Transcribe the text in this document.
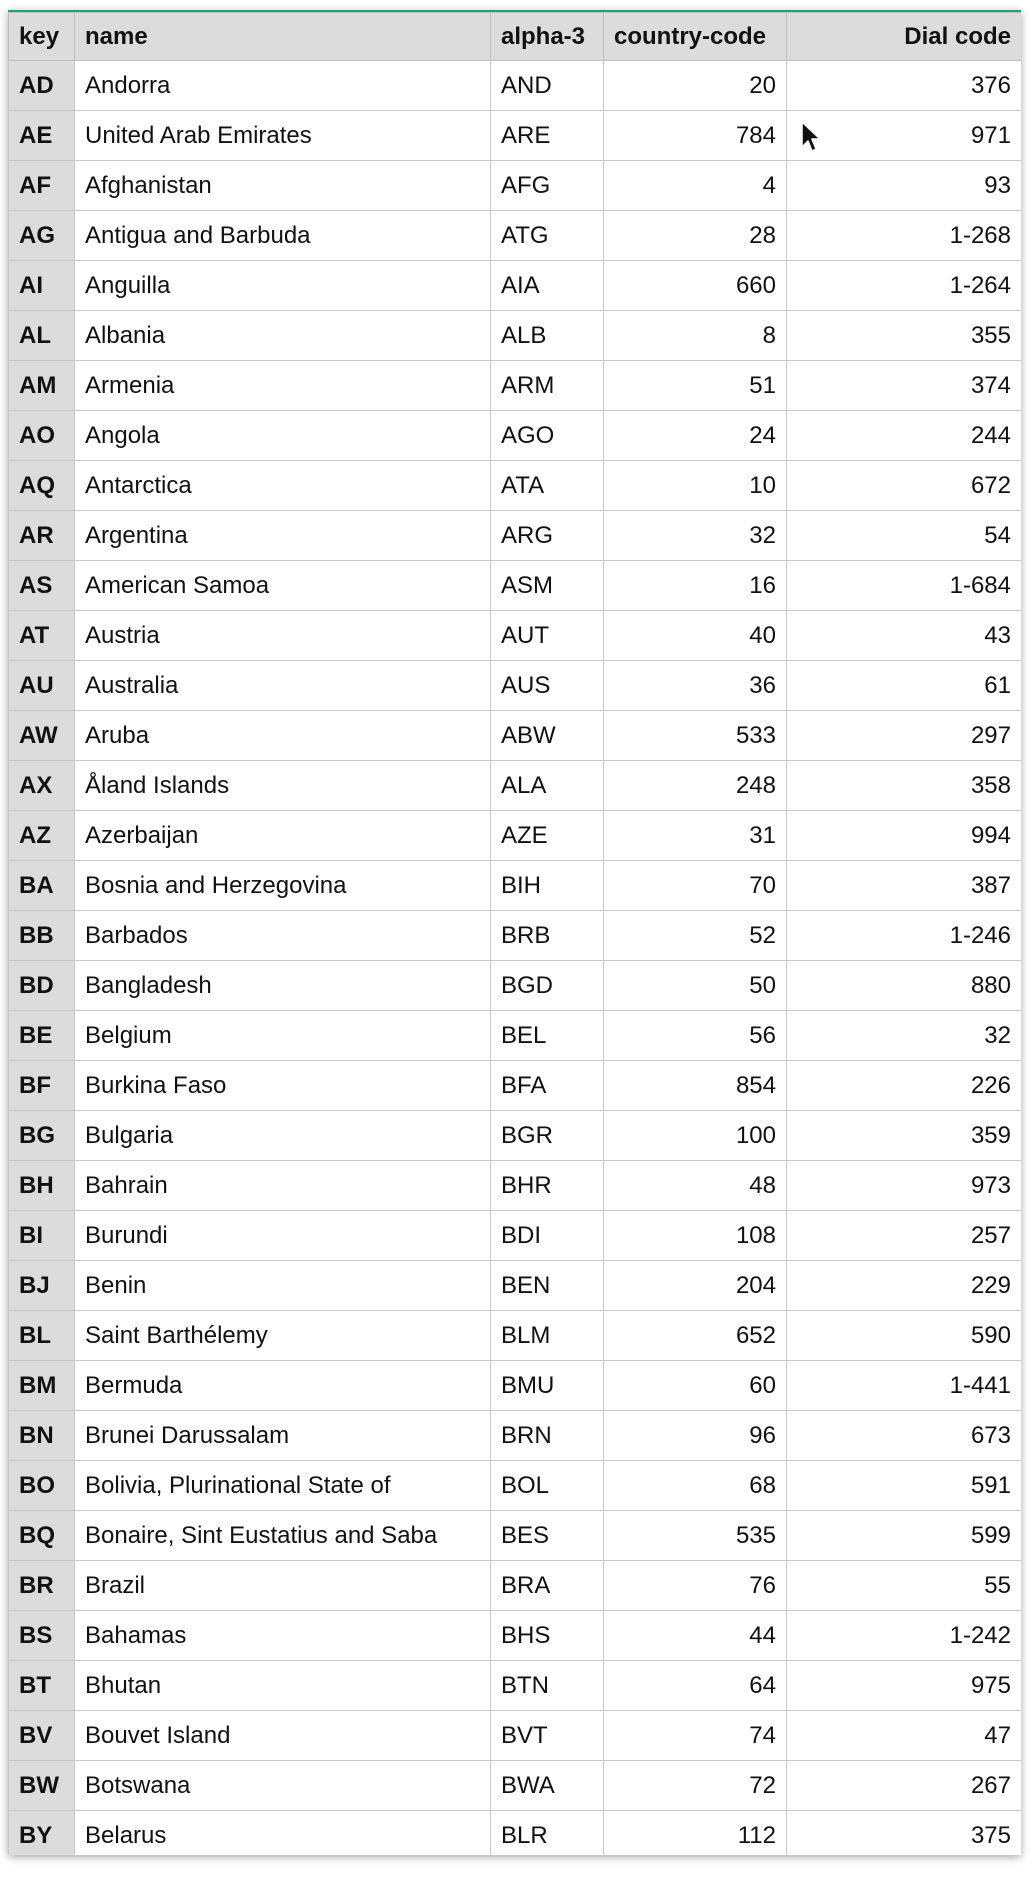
key	name	alpha-3	country-code	Dial code
AD	Andorra	AND	20	376
AE	United Arab Emirates	ARE	784	971
AF	Afghanistan	AFG	4	93
AG	Antigua and Barbuda	ATG	28	1-268
AI	Anguilla	AIA	660	1-264
AL	Albania	ALB	8	355
AM	Armenia	ARM	51	374
AO	Angola	AGO	24	244
AQ	Antarctica	ATA	10	672
AR	Argentina	ARG	32	54
AS	American Samoa	ASM	16	1-684
AT	Austria	AUT	40	43
AU	Australia	AUS	36	61
AW	Aruba	ABW	533	297
AX	Åland Islands	ALA	248	358
AZ	Azerbaijan	AZE	31	994
BA	Bosnia and Herzegovina	BIH	70	387
BB	Barbados	BRB	52	1-246
BD	Bangladesh	BGD	50	880
BE	Belgium	BEL	56	32
BF	Burkina Faso	BFA	854	226
BG	Bulgaria	BGR	100	359
BH	Bahrain	BHR	48	973
BI	Burundi	BDI	108	257
BJ	Benin	BEN	204	229
BL	Saint Barthélemy	BLM	652	590
BM	Bermuda	BMU	60	1-441
BN	Brunei Darussalam	BRN	96	673
BO	Bolivia, Plurinational State of	BOL	68	591
BQ	Bonaire, Sint Eustatius and Saba	BES	535	599
BR	Brazil	BRA	76	55
BS	Bahamas	BHS	44	1-242
BT	Bhutan	BTN	64	975
BV	Bouvet Island	BVT	74	47
BW	Botswana	BWA	72	267
BY	Belarus	BLR	112	375
